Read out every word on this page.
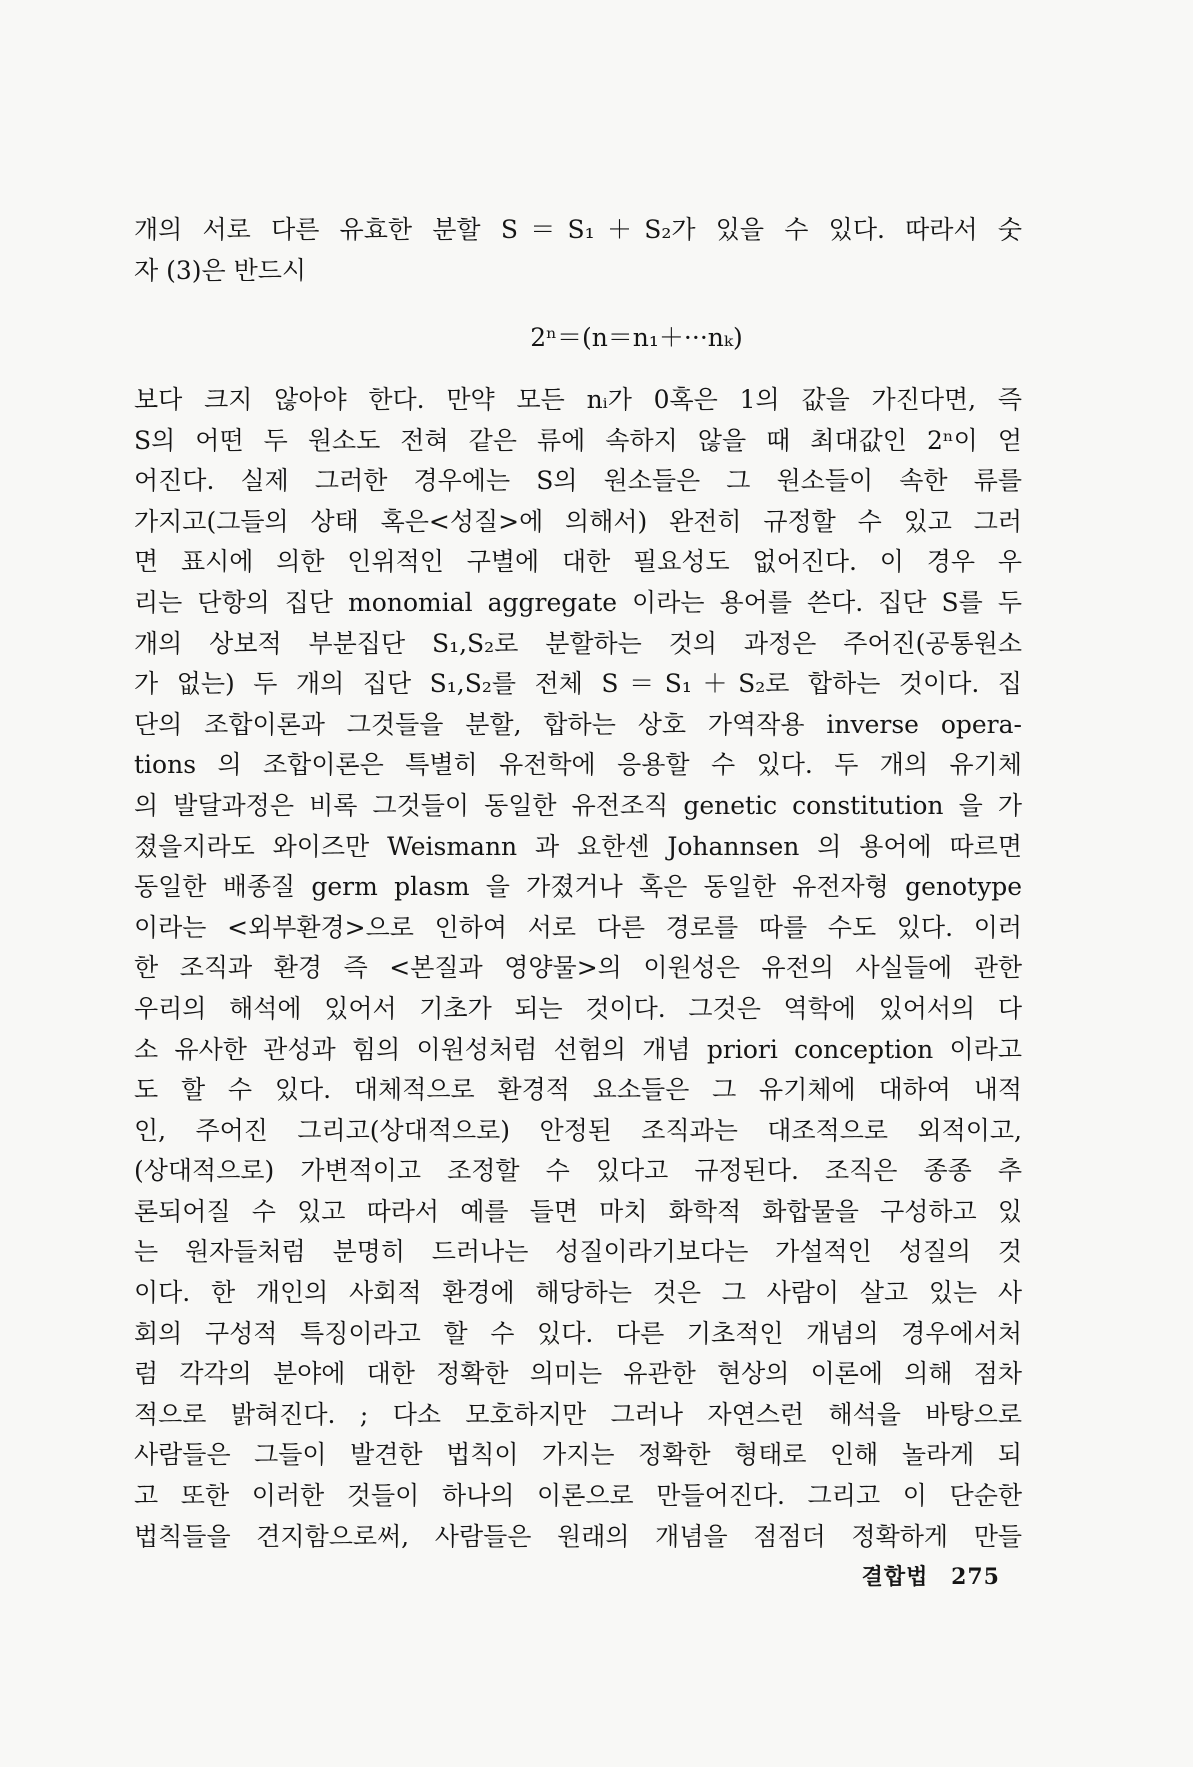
개의 서로 다른 유효한 분할 S＝S₁＋S₂가 있을 수 있다. 따라서 숫
자 (3)은 반드시
2ⁿ＝(n＝n₁＋···nₖ)
보다 크지 않아야 한다. 만약 모든 nᵢ가 0혹은 1의 값을 가진다면, 즉
S의 어떤 두 원소도 전혀 같은 류에 속하지 않을 때 최대값인 2ⁿ이 얻
어진다. 실제 그러한 경우에는 S의 원소들은 그 원소들이 속한 류를
가지고(그들의 상태 혹은<성질>에 의해서) 완전히 규정할 수 있고 그러
면 표시에 의한 인위적인 구별에 대한 필요성도 없어진다. 이 경우 우
리는 단항의 집단 monomial aggregate 이라는 용어를 쓴다. 집단 S를 두
개의 상보적 부분집단 S₁,S₂로 분할하는 것의 과정은 주어진(공통원소
가 없는) 두 개의 집단 S₁,S₂를 전체 S＝S₁＋S₂로 합하는 것이다. 집
단의 조합이론과 그것들을 분할, 합하는 상호 가역작용 inverse opera-
tions 의 조합이론은 특별히 유전학에 응용할 수 있다. 두 개의 유기체
의 발달과정은 비록 그것들이 동일한 유전조직 genetic constitution 을 가
졌을지라도 와이즈만 Weismann 과 요한센 Johannsen 의 용어에 따르면
동일한 배종질 germ plasm 을 가졌거나 혹은 동일한 유전자형 genotype
이라는 <외부환경>으로 인하여 서로 다른 경로를 따를 수도 있다. 이러
한 조직과 환경 즉 <본질과 영양물>의 이원성은 유전의 사실들에 관한
우리의 해석에 있어서 기초가 되는 것이다. 그것은 역학에 있어서의 다
소 유사한 관성과 힘의 이원성처럼 선험의 개념 priori conception 이라고
도 할 수 있다. 대체적으로 환경적 요소들은 그 유기체에 대하여 내적
인, 주어진 그리고(상대적으로) 안정된 조직과는 대조적으로 외적이고,
(상대적으로) 가변적이고 조정할 수 있다고 규정된다. 조직은 종종 추
론되어질 수 있고 따라서 예를 들면 마치 화학적 화합물을 구성하고 있
는 원자들처럼 분명히 드러나는 성질이라기보다는 가설적인 성질의 것
이다. 한 개인의 사회적 환경에 해당하는 것은 그 사람이 살고 있는 사
회의 구성적 특징이라고 할 수 있다. 다른 기초적인 개념의 경우에서처
럼 각각의 분야에 대한 정확한 의미는 유관한 현상의 이론에 의해 점차
적으로 밝혀진다. ; 다소 모호하지만 그러나 자연스런 해석을 바탕으로
사람들은 그들이 발견한 법칙이 가지는 정확한 형태로 인해 놀라게 되
고 또한 이러한 것들이 하나의 이론으로 만들어진다. 그리고 이 단순한
법칙들을 견지함으로써, 사람들은 원래의 개념을 점점더 정확하게 만들
결합법 275
